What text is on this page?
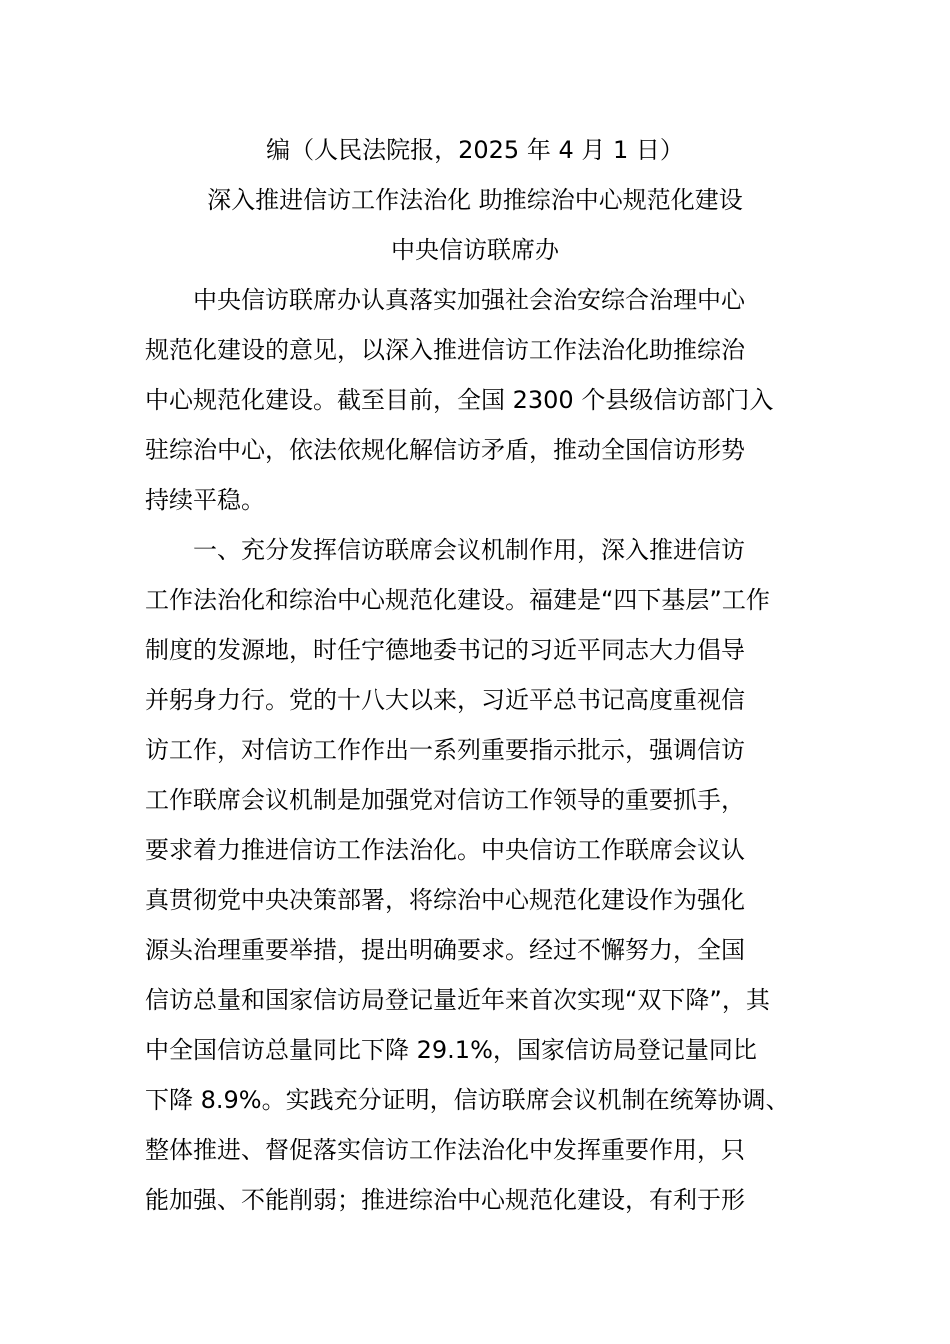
编（人民法院报，2025 年 4 月 1 日）
深入推进信访工作法治化 助推综治中心规范化建设
中央信访联席办
中央信访联席办认真落实加强社会治安综合治理中心
规范化建设的意见，以深入推进信访工作法治化助推综治
中心规范化建设。截至目前，全国 2300 个县级信访部门入
驻综治中心，依法依规化解信访矛盾，推动全国信访形势
持续平稳。
一、充分发挥信访联席会议机制作用，深入推进信访
工作法治化和综治中心规范化建设。福建是“四下基层”工作
制度的发源地，时任宁德地委书记的习近平同志大力倡导
并躬身力行。党的十八大以来，习近平总书记高度重视信
访工作，对信访工作作出一系列重要指示批示，强调信访
工作联席会议机制是加强党对信访工作领导的重要抓手，
要求着力推进信访工作法治化。中央信访工作联席会议认
真贯彻党中央决策部署，将综治中心规范化建设作为强化
源头治理重要举措，提出明确要求。经过不懈努力，全国
信访总量和国家信访局登记量近年来首次实现“双下降”，其
中全国信访总量同比下降 29.1%，国家信访局登记量同比
下降 8.9%。实践充分证明，信访联席会议机制在统筹协调、
整体推进、督促落实信访工作法治化中发挥重要作用，只
能加强、不能削弱；推进综治中心规范化建设，有利于形
